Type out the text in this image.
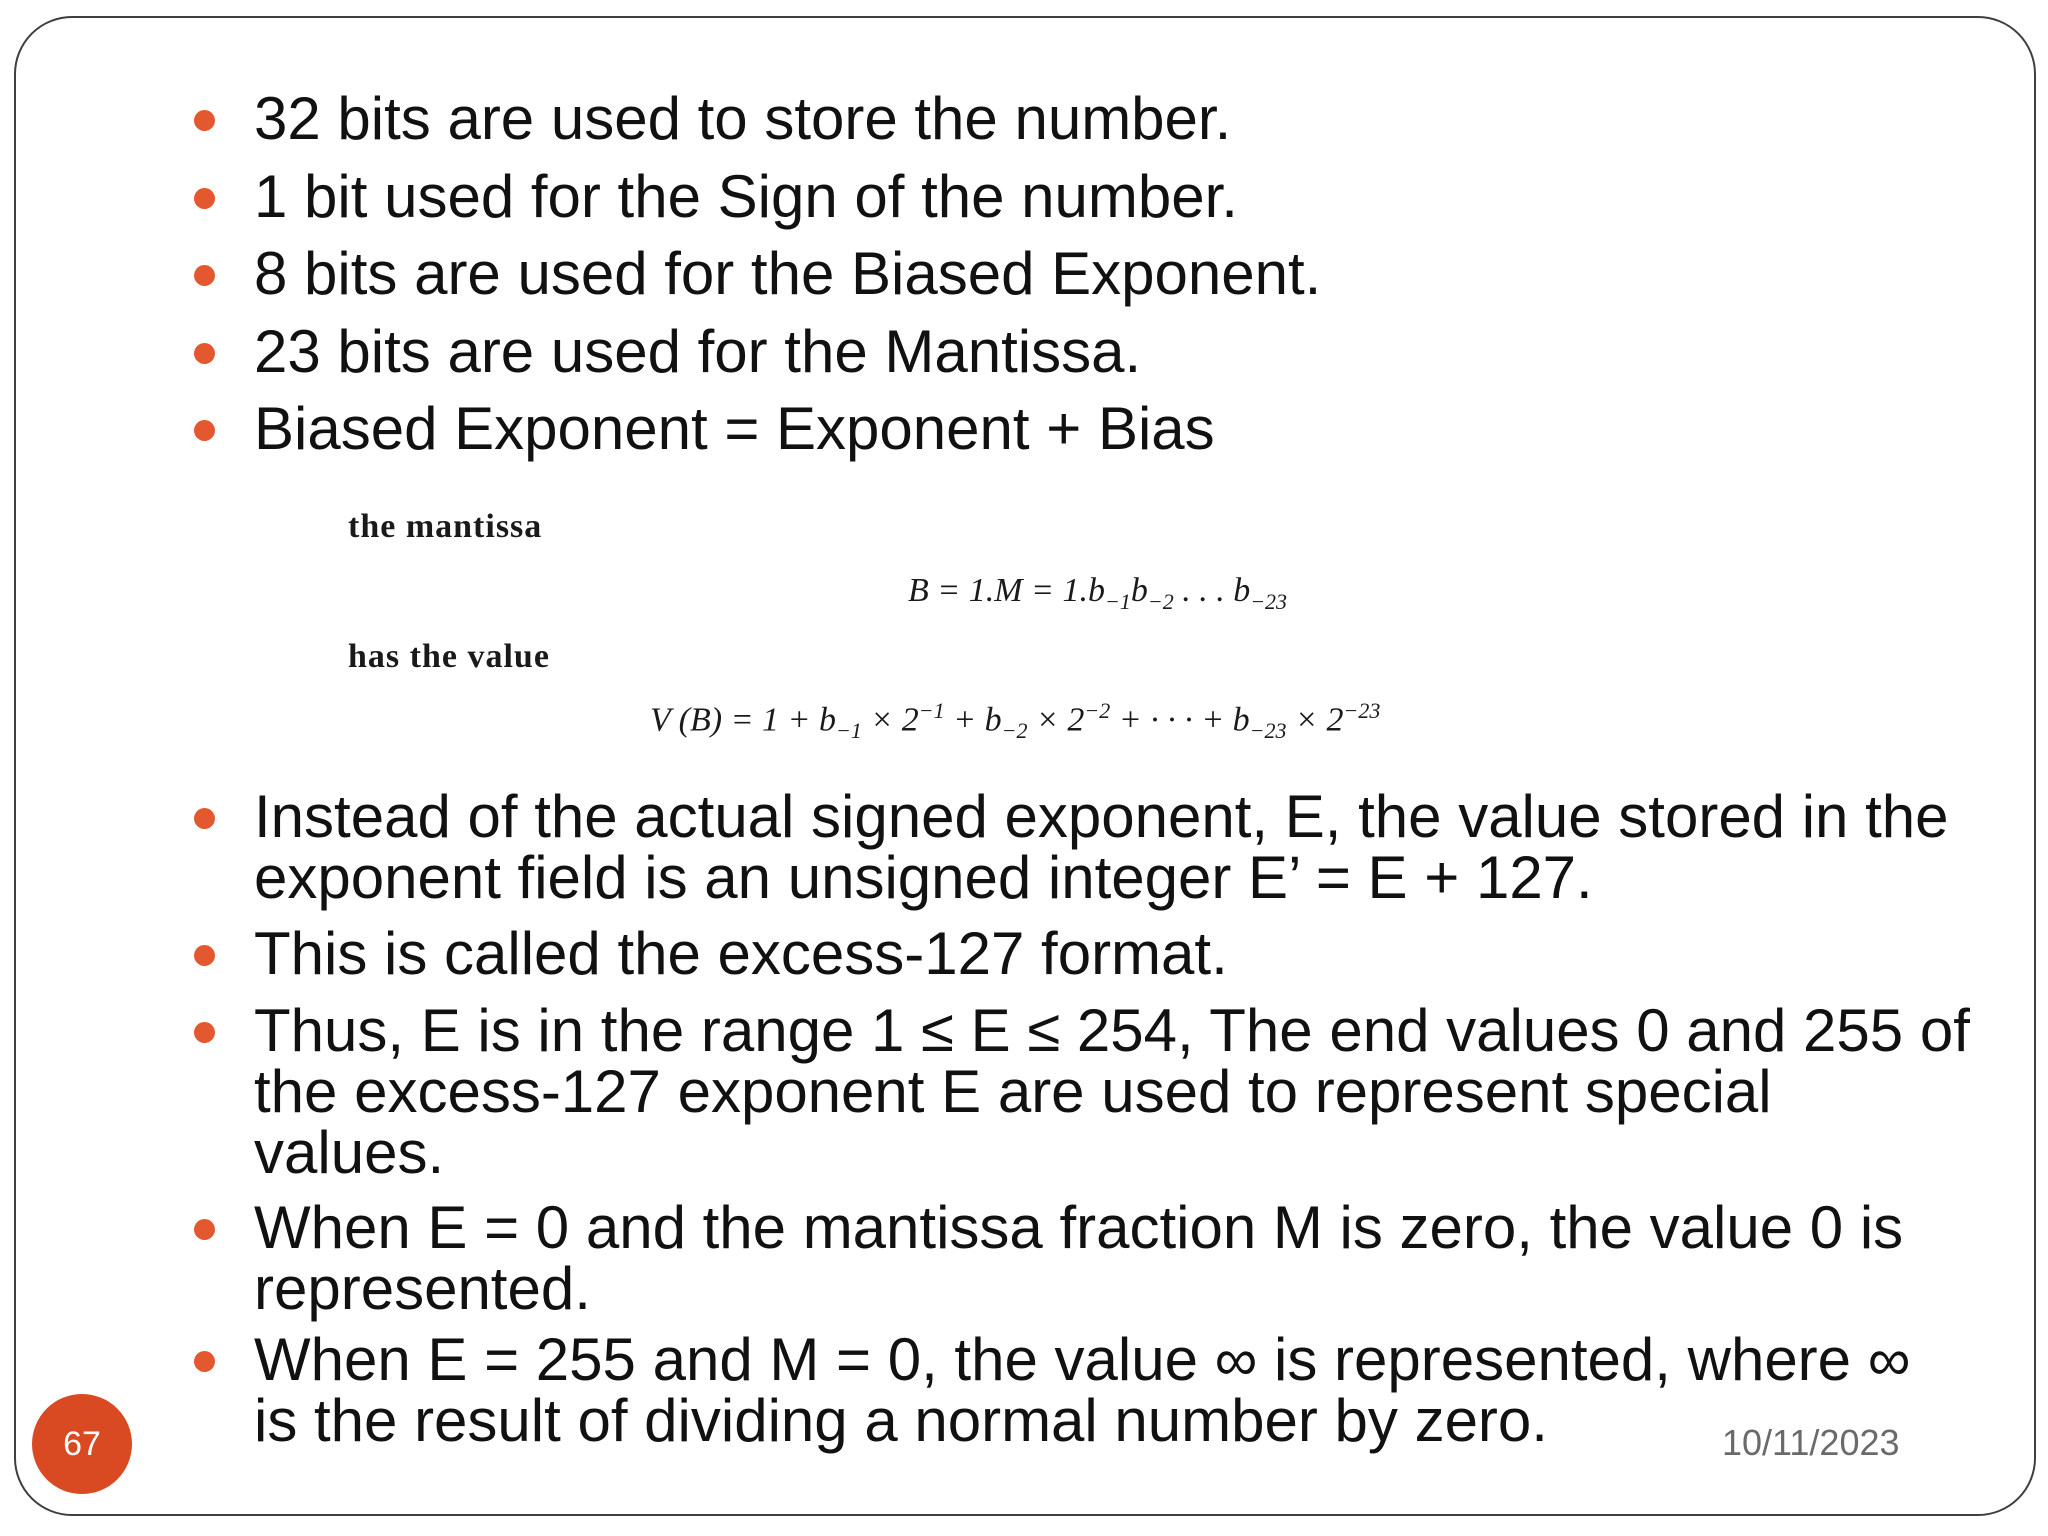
32 bits are used to store the number.
1 bit used for the Sign of the number.
8 bits are used for the Biased Exponent.
23 bits are used for the Mantissa.
Biased Exponent = Exponent + Bias
the mantissa
$B = 1.M = 1.b_{-1}b_{-2}$ . . . $b_{-23}$
has the value
V $(B) = 1 + b_{-1} \times 2^{-1} + b_{-2} \times 2^{-2}$ + · · · + $b_{-23} \times 2^{-23}$
Instead of the actual signed exponent, E, the value stored in the exponent field is an unsigned integer E’ = E + 127.
This is called the excess-127 format.
Thus, E is in the range 1 ≤ E ≤ 254, The end values 0 and 255 of the excess-127 exponent E are used to represent special values.
When E = 0 and the mantissa fraction M is zero, the value 0 is represented.
When E = 255 and M = 0, the value ∞ is represented, where ∞ is the result of dividing a normal number by zero.
67	10/11/2023
